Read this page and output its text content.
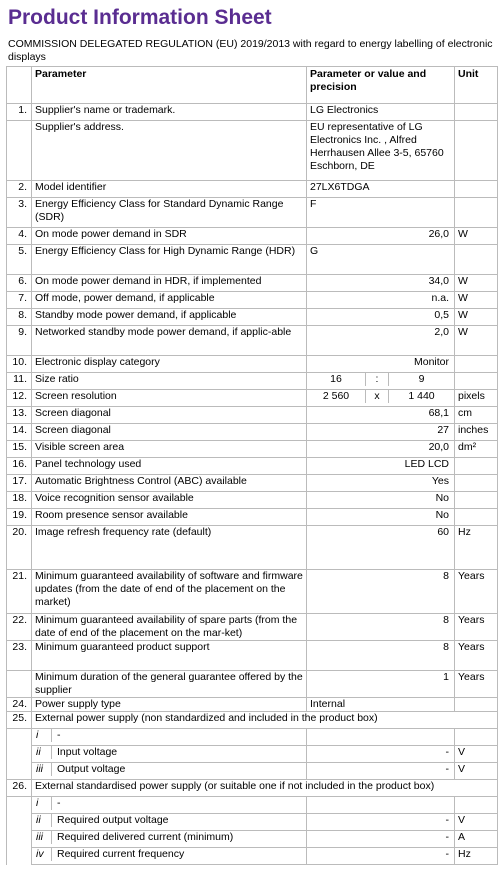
Product Information Sheet
COMMISSION DELEGATED REGULATION (EU) 2019/2013 with regard to energy labelling of electronic displays
	Parameter	Parameter or value and precision	Unit
1.	Supplier's name or trademark.	LG Electronics	
	Supplier's address.	EU representative of LG Electronics Inc. , Alfred Herrhausen Allee 3-5, 65760 Eschborn, DE	
2.	Model identifier	27LX6TDGA	
3.	Energy Efficiency Class for Standard Dynamic Range (SDR)	F	
4.	On mode power demand in SDR	26,0	W
5.	Energy Efficiency Class for High Dynamic Range (HDR)	G	
6.	On mode power demand in HDR, if implemented	34,0	W
7.	Off mode, power demand, if applicable	n.a.	W
8.	Standby mode power demand, if applicable	0,5	W
9.	Networked standby mode power demand, if applic-able	2,0	W
10.	Electronic display category	Monitor	
11.	Size ratio	16 : 9	

12.	Screen resolution	2 560 x 1 440	pixels
13.	Screen diagonal	68,1	cm
14.	Screen diagonal	27	inches
15.	Visible screen area	20,0	dm²
16.	Panel technology used	LED LCD	
17.	Automatic Brightness Control (ABC) available	Yes	
18.	Voice recognition sensor available	No	
19.	Room presence sensor available	No	
20.	Image refresh frequency rate (default)	60	Hz
21.	Minimum guaranteed availability of software and firmware updates (from the date of end of the placement on the market)	8	Years
22.	Minimum guaranteed availability of spare parts (from the date of end of the placement on the mar-ket)	8	Years
23.	Minimum guaranteed product support	8	Years
	Minimum duration of the general guarantee offered by the supplier	1	Years
24.	Power supply type	Internal	
25.	External power supply (non standardized and included in the product box)		

	i -		

	ii Input voltage	-	V

	iii Output voltage	-	V
26.	External standardised power supply (or suitable one if not included in the product box)		

	i -		

	ii Required output voltage	-	V

	iii Required delivered current (minimum)	-	A

	iv Required current frequency	-	Hz
